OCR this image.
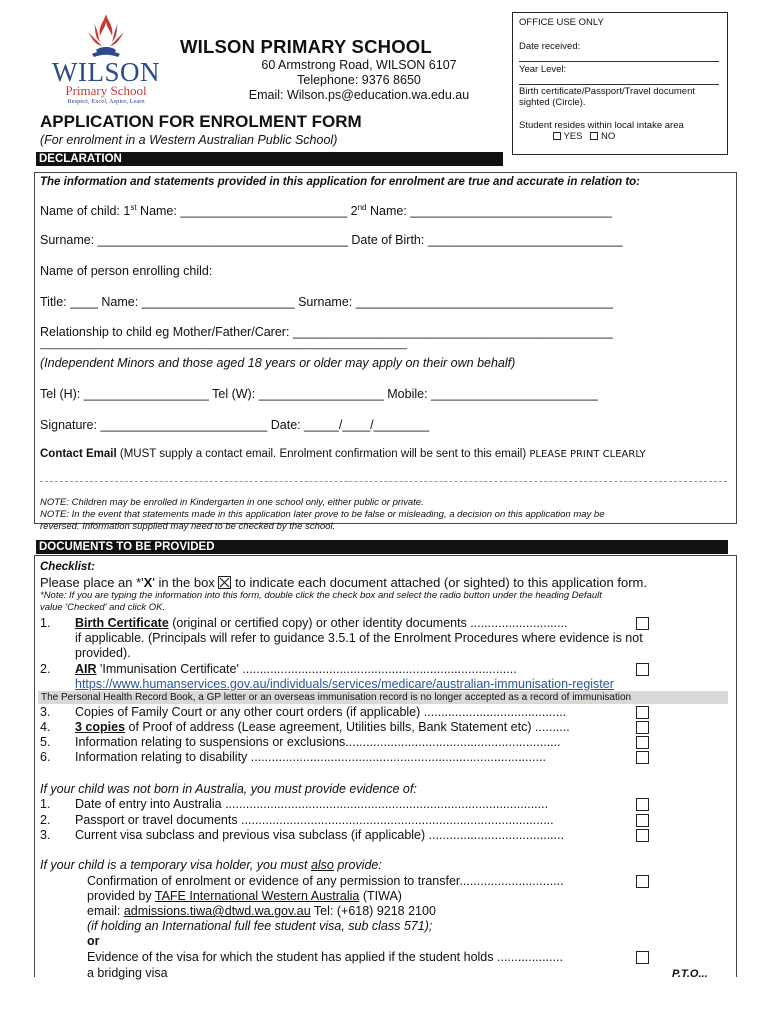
WILSON
Primary School
Respect, Excel, Aspire, Learn
WILSON PRIMARY SCHOOL
60 Armstrong Road, WILSON 6107
Telephone: 9376 8650
Email: Wilson.ps@education.wa.edu.au
OFFICE USE ONLY
Date received:
Year Level:
Birth certificate/Passport/Travel document sighted (Circle).
Student resides within local intake area
YES NO
APPLICATION FOR ENROLMENT FORM
(For enrolment in a Western Australian Public School)
DECLARATION
The information and statements provided in this application for enrolment are true and accurate in relation to:
Name of child: 1st Name: ________________________ 2nd Name: _____________________________
Surname: ____________________________________ Date of Birth: ____________________________
Name of person enrolling child:
Title: ____ Name: ______________________ Surname: _____________________________________
Relationship to child eg Mother/Father/Carer: ______________________________________________
____________________________________________________________
(Independent Minors and those aged 18 years or older may apply on their own behalf)
Tel (H): __________________ Tel (W): __________________ Mobile: ________________________
Signature: ________________________ Date: _____/____/________
Contact Email (MUST supply a contact email. Enrolment confirmation will be sent to this email) PLEASE PRINT CLEARLY
NOTE: Children may be enrolled in Kindergarten in one school only, either public or private.
NOTE: In the event that statements made in this application later prove to be false or misleading, a decision on this application may be
reversed. Information supplied may need to be checked by the school.
DOCUMENTS TO BE PROVIDED
Checklist:
Please place an *'X' in the box to indicate each document attached (or sighted) to this application form.
*Note: If you are typing the information into this form, double click the check box and select the radio button under the heading Default
value 'Checked' and click OK.
1. Birth Certificate (original or certified copy) or other identity documents ............................
if applicable. (Principals will refer to guidance 3.5.1 of the Enrolment Procedures where evidence is not
provided).
2. AIR 'Immunisation Certificate' ...............................................................................
https://www.humanservices.gov.au/individuals/services/medicare/australian-immunisation-register
The Personal Health Record Book, a GP letter or an overseas immunisation record is no longer accepted as a record of immunisation
3. Copies of Family Court or any other court orders (if applicable) .........................................
4. 3 copies of Proof of address (Lease agreement, Utilities bills, Bank Statement etc) ..........
5. Information relating to suspensions or exclusions..............................................................
6. Information relating to disability .....................................................................................
If your child was not born in Australia, you must provide evidence of:
1. Date of entry into Australia .............................................................................................
2. Passport or travel documents ..........................................................................................
3. Current visa subclass and previous visa subclass (if applicable) .......................................
If your child is a temporary visa holder, you must also provide:
Confirmation of enrolment or evidence of any permission to transfer..............................
provided by TAFE International Western Australia (TIWA)
email: admissions.tiwa@dtwd.wa.gov.au Tel: (+618) 9218 2100
(if holding an International full fee student visa, sub class 571);
or
Evidence of the visa for which the student has applied if the student holds ...................
a bridging visa	P.T.O...
